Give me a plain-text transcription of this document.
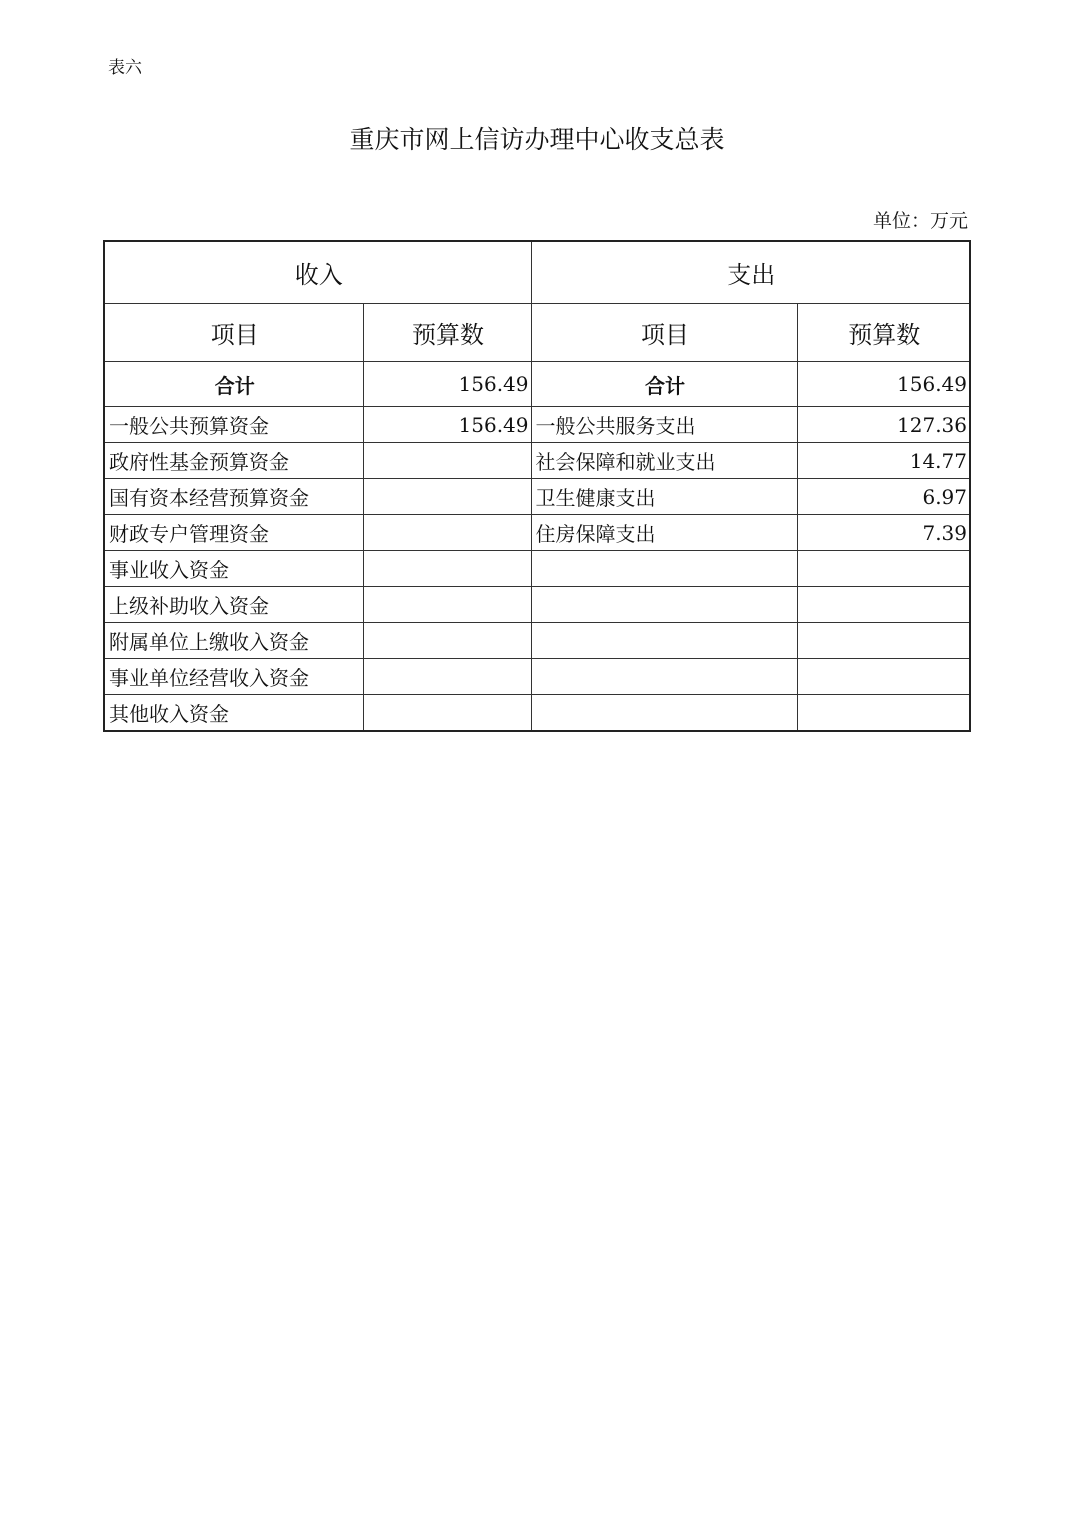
表六
重庆市网上信访办理中心收支总表
单位：万元
收入		支出	
项目	预算数	项目	预算数
合计	156.49	合计	156.49
一般公共预算资金	156.49	一般公共服务支出	127.36
政府性基金预算资金		社会保障和就业支出	14.77
国有资本经营预算资金		卫生健康支出	6.97
财政专户管理资金		住房保障支出	7.39
事业收入资金			
上级补助收入资金			
附属单位上缴收入资金			
事业单位经营收入资金			
其他收入资金			
